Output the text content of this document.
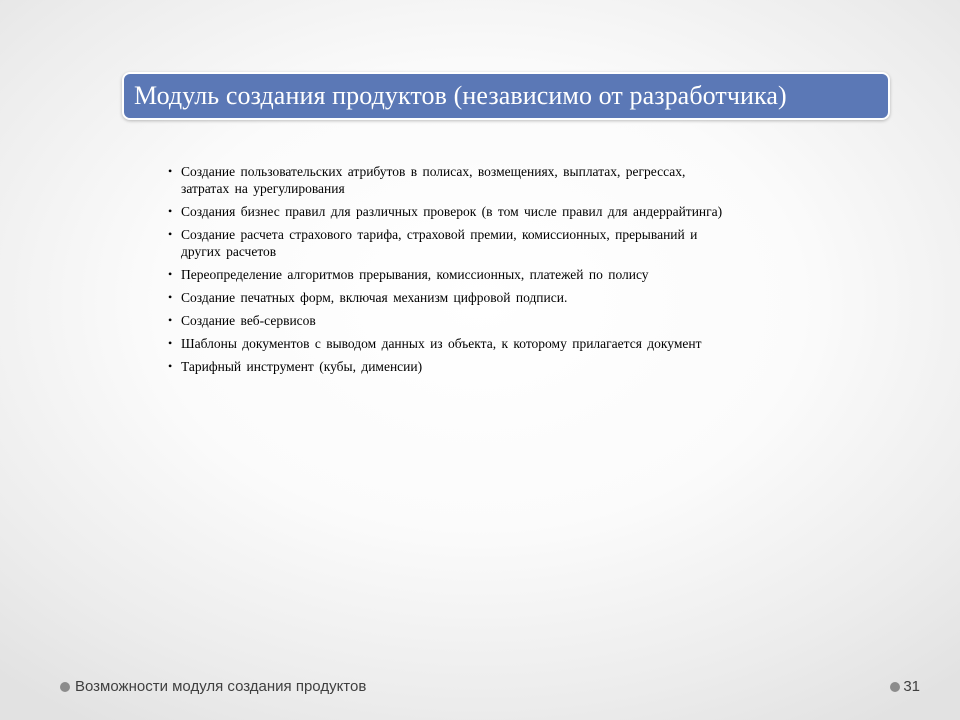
Модуль создания продуктов (независимо от разработчика)
• Создание пользовательских атрибутов в полисах, возмещениях, выплатах, регрессах,
затратах на урегулирования
• Создания бизнес правил для различных проверок (в том числе правил для андеррайтинга)
• Создание расчета страхового тарифа, страховой премии, комиссионных, прерываний и
других расчетов
• Переопределение алгоритмов прерывания, комиссионных, платежей по полису
• Создание печатных форм, включая механизм цифровой подписи.
• Создание веб-сервисов
• Шаблоны документов с выводом данных из объекта, к которому прилагается документ
• Тарифный инструмент (кубы, дименсии)
Возможности модуля создания продуктов	31
